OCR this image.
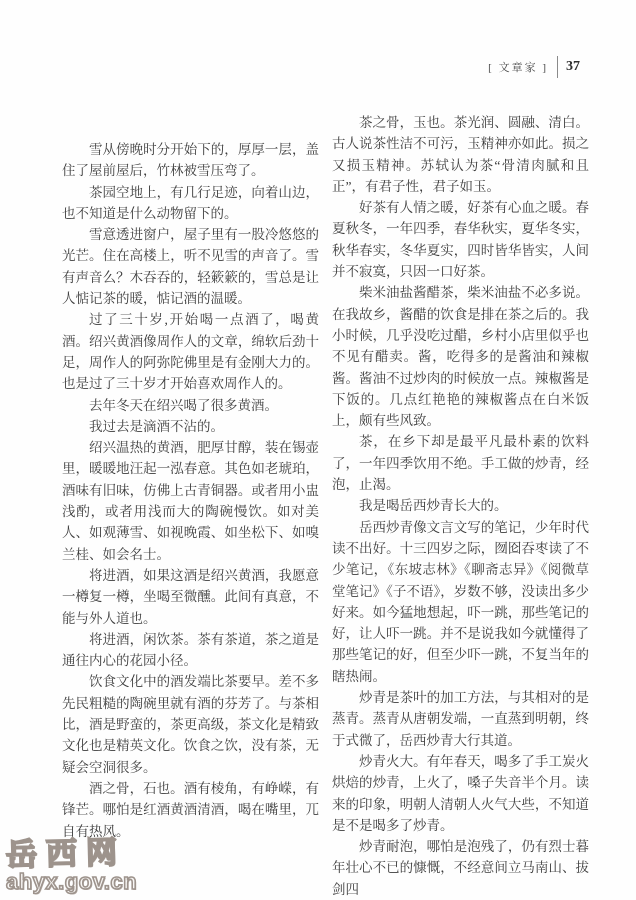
[ 文章家 ] 37

雪从傍晚时分开始下的，厚厚一层，盖住了屋前屋后，竹林被雪压弯了。

茶园空地上，有几行足迹，向着山边，也不知道是什么动物留下的。

雪意透进窗户，屋子里有一股冷悠悠的光芒。住在高楼上，听不见雪的声音了。雪有声音么？木吞吞的，轻簌簌的，雪总是让人惦记茶的暖，惦记酒的温暖。

过了三十岁,开始喝一点酒了，喝黄酒。绍兴黄酒像周作人的文章，绵软后劲十足，周作人的阿弥陀佛里是有金刚大力的。也是过了三十岁才开始喜欢周作人的。

去年冬天在绍兴喝了很多黄酒。

我过去是滴酒不沾的。

绍兴温热的黄酒，肥厚甘醇，装在锡壶里，暖暖地汪起一泓春意。其色如老琥珀，酒味有旧味，仿佛上古青铜器。或者用小盅浅酌，或者用浅而大的陶碗慢饮。如对美人、如观薄雪、如视晚霞、如坐松下、如嗅兰桂、如会名士。

将进酒，如果这酒是绍兴黄酒，我愿意一樽复一樽，坐喝至微醺。此间有真意，不能与外人道也。

将进酒，闲饮茶。茶有茶道，茶之道是通往内心的花园小径。

饮食文化中的酒发端比茶要早。差不多先民粗糙的陶碗里就有酒的芬芳了。与茶相比，酒是野蛮的，茶更高级，茶文化是精致文化也是精英文化。饮食之饮，没有茶，无疑会空洞很多。

酒之骨，石也。酒有棱角，有峥嵘，有锋芒。哪怕是红酒黄酒清酒，喝在嘴里，兀自有热风。

茶之骨，玉也。茶光润、圆融、清白。古人说茶性洁不可污，玉精神亦如此。损之又损玉精神。苏轼认为茶“骨清肉腻和且正”，有君子性，君子如玉。

好茶有人情之暖，好茶有心血之暖。春夏秋冬，一年四季，春华秋实，夏华冬实，秋华春实，冬华夏实，四时皆华皆实，人间并不寂寞，只因一口好茶。

柴米油盐酱醋茶，柴米油盐不必多说。在我故乡，酱醋的饮食是排在茶之后的。我小时候，几乎没吃过醋，乡村小店里似乎也不见有醋卖。酱，吃得多的是酱油和辣椒酱。酱油不过炒肉的时候放一点。辣椒酱是下饭的。几点红艳艳的辣椒酱点在白米饭上，颇有些风致。

茶，在乡下却是最平凡最朴素的饮料了，一年四季饮用不绝。手工做的炒青，经泡，止渴。

我是喝岳西炒青长大的。

岳西炒青像文言文写的笔记，少年时代读不出好。十三四岁之际，囫囵吞枣读了不少笔记，《东坡志林》《聊斋志异》《阅微草堂笔记》《子不语》，岁数不够，没读出多少好来。如今猛地想起，吓一跳，那些笔记的好，让人吓一跳。并不是说我如今就懂得了那些笔记的好，但至少吓一跳，不复当年的瞎热闹。

炒青是茶叶的加工方法，与其相对的是蒸青。蒸青从唐朝发端，一直蒸到明朝，终于式微了，岳西炒青大行其道。

炒青火大。有年春天，喝多了手工炭火烘焙的炒青，上火了，嗓子失音半个月。读来的印象，明朝人清朝人火气大些，不知道是不是喝多了炒青。

炒青耐泡，哪怕是泡残了，仍有烈士暮年壮心不已的慷慨，不经意间立马南山、拔剑四

岳西网
ahyx.gov.cn
